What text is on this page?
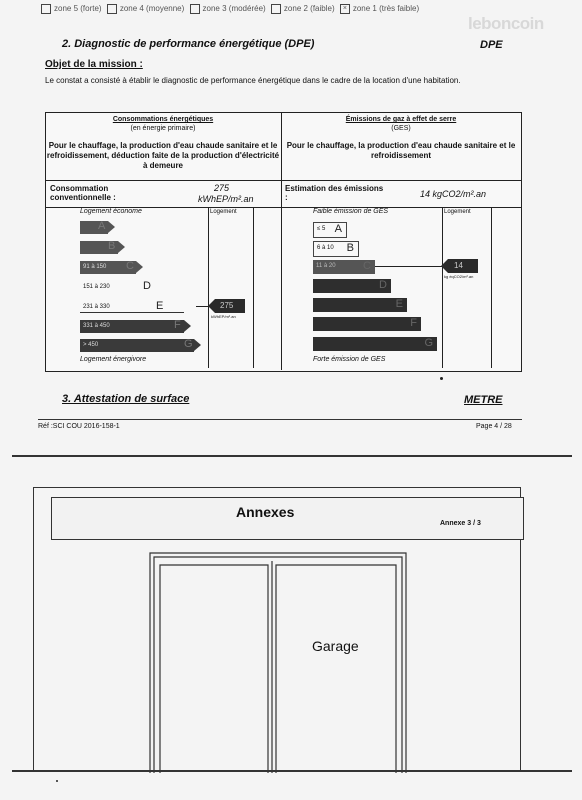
zone 5 (forte) zone 4 (moyenne) zone 3 (modérée) zone 2 (faible) × zone 1 (très faible)
leboncoin
2. Diagnostic de performance énergétique (DPE)	DPE
Objet de la mission :
Le constat a consisté à établir le diagnostic de performance énergétique dans le cadre de la location d'une habitation.
Consommations énergétiques
(en énergie primaire)
Pour le chauffage, la production d'eau chaude sanitaire et le refroidissement, déduction faite de la production d'électricité à demeure
Émissions de gaz à effet de serre
(GES)
Pour le chauffage, la production d'eau chaude sanitaire et le refroidissement
Consommation conventionnelle :
275
kWhEP/m².an
Estimation des émissions :	14 kgCO2/m².an
Logement économe
Logement énergivore
Logement
A
B
91 à 150 C
151 à 230	D
231 à 330	E
331 à 450	F
> 450	G
275
kWhEP/m².an
Faible émission de GES
Forte émission de GES
Logement
≤ 5 A
6 à 10 B
11 à 20 C
D
E
F
G
14
kg éqCO2/m².an
3. Attestation de surface	METRE
Réf :SCI COU 2016-158-1	Page 4 / 28
Annexes
Annexe 3 / 3
Garage
